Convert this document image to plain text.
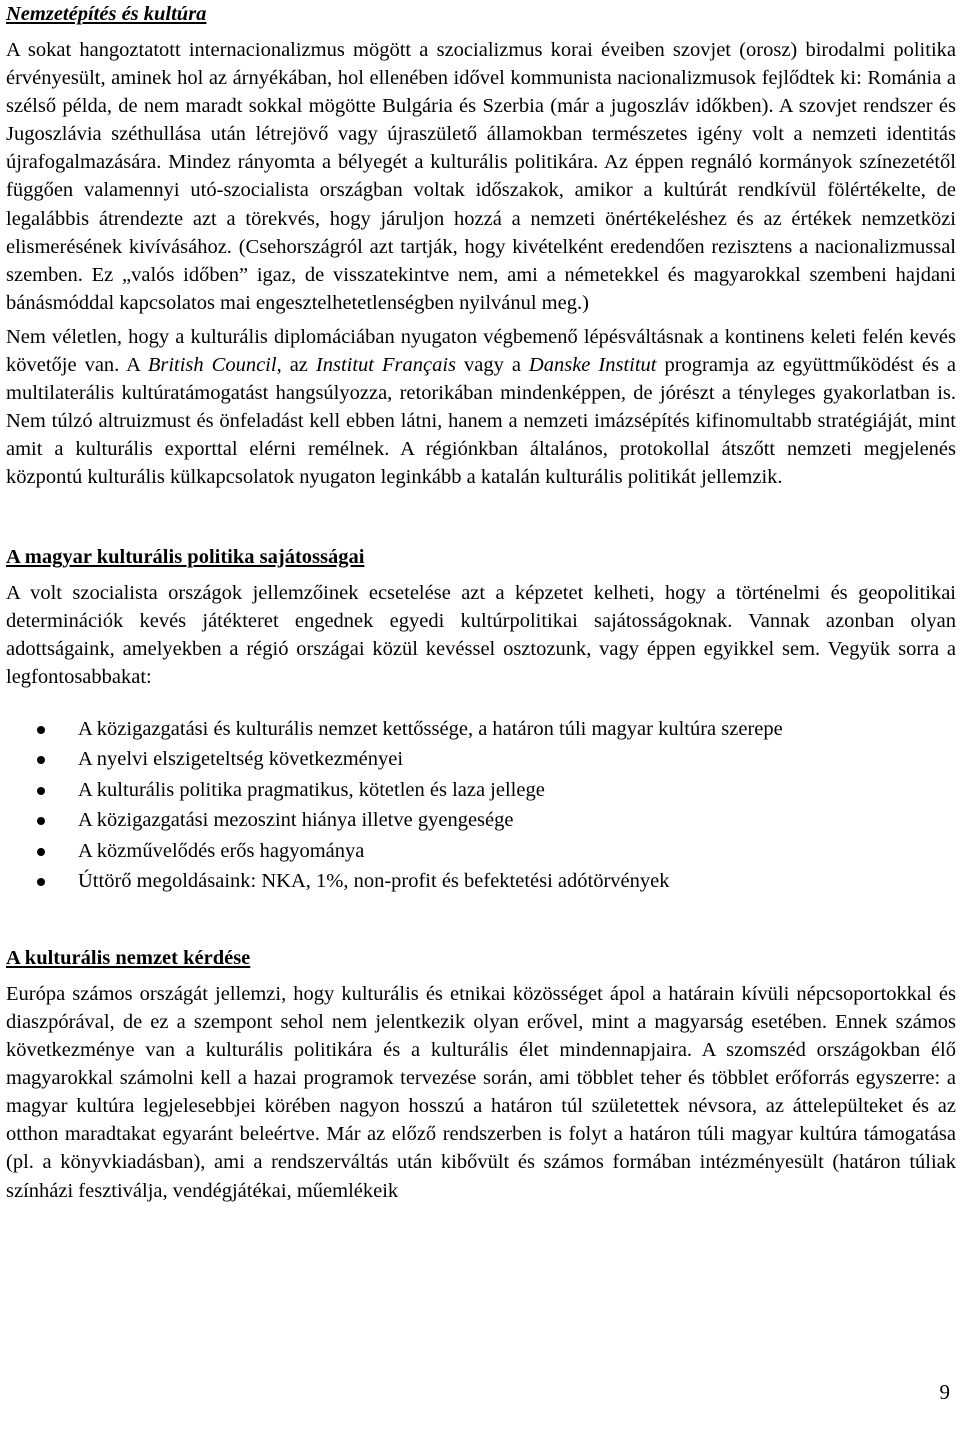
Nemzetépítés és kultúra

A sokat hangoztatott internacionalizmus mögött a szocializmus korai éveiben szovjet (orosz) birodalmi politika érvényesült, aminek hol az árnyékában, hol ellenében idővel kommunista nacionalizmusok fejlődtek ki: Románia a szélső példa, de nem maradt sokkal mögötte Bulgária és Szerbia (már a jugoszláv időkben). A szovjet rendszer és Jugoszlávia széthullása után létrejövő vagy újraszülető államokban természetes igény volt a nemzeti identitás újrafogalmazására. Mindez rányomta a bélyegét a kulturális politikára. Az éppen regnáló kormányok színezetétől függően valamennyi utó-szocialista országban voltak időszakok, amikor a kultúrát rendkívül fölértékelte, de legalábbis átrendezte azt a törekvés, hogy járuljon hozzá a nemzeti önértékeléshez és az értékek nemzetközi elismerésének kivívásához. (Csehországról azt tartják, hogy kivételként eredendően rezisztens a nacionalizmussal szemben. Ez „valós időben” igaz, de visszatekintve nem, ami a németekkel és magyarokkal szembeni hajdani bánásmóddal kapcsolatos mai engesztelhetetlenségben nyilvánul meg.)

Nem véletlen, hogy a kulturális diplomáciában nyugaton végbemenő lépésváltásnak a kontinens keleti felén kevés követője van. A British Council, az Institut Français vagy a Danske Institut programja az együttműködést és a multilaterális kultúratámogatást hangsúlyozza, retorikában mindenképpen, de jórészt a tényleges gyakorlatban is. Nem túlzó altruizmust és önfeladást kell ebben látni, hanem a nemzeti imázsépítés kifinomultabb stratégiáját, mint amit a kulturális exporttal elérni remélnek. A régiónkban általános, protokollal átszőtt nemzeti megjelenés központú kulturális külkapcsolatok nyugaton leginkább a katalán kulturális politikát jellemzik.

A magyar kulturális politika sajátosságai

A volt szocialista országok jellemzőinek ecsetelése azt a képzetet kelheti, hogy a történelmi és geopolitikai determinációk kevés játékteret engednek egyedi kultúrpolitikai sajátosságoknak. Vannak azonban olyan adottságaink, amelyekben a régió országai közül kevéssel osztozunk, vagy éppen egyikkel sem. Vegyük sorra a legfontosabbakat:

A közigazgatási és kulturális nemzet kettőssége, a határon túli magyar kultúra szerepe
A nyelvi elszigeteltség következményei
A kulturális politika pragmatikus, kötetlen és laza jellege
A közigazgatási mezoszint hiánya illetve gyengesége
A közművelődés erős hagyománya
Úttörő megoldásaink: NKA, 1%, non-profit és befektetési adótörvények
A kulturális nemzet kérdése

Európa számos országát jellemzi, hogy kulturális és etnikai közösséget ápol a határain kívüli népcsoportokkal és diaszpórával, de ez a szempont sehol nem jelentkezik olyan erővel, mint a magyarság esetében. Ennek számos következménye van a kulturális politikára és a kulturális élet mindennapjaira. A szomszéd országokban élő magyarokkal számolni kell a hazai programok tervezése során, ami többlet teher és többlet erőforrás egyszerre: a magyar kultúra legjelesebbjei körében nagyon hosszú a határon túl születettek névsora, az áttelepülteket és az otthon maradtakat egyaránt beleértve. Már az előző rendszerben is folyt a határon túli magyar kultúra támogatása (pl. a könyvkiadásban), ami a rendszerváltás után kibővült és számos formában intézményesült (határon túliak színházi fesztiválja, vendégjátékai, műemlékeik

9
